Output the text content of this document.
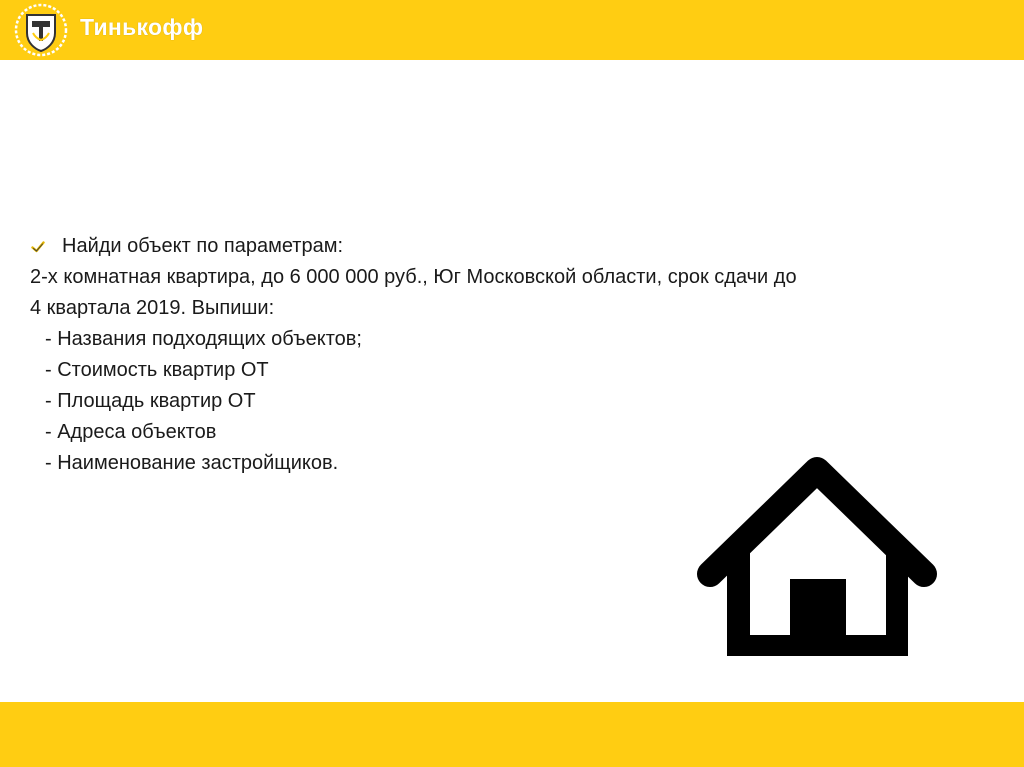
Тинькофф
Найди объект по параметрам:
2-х комнатная квартира, до 6 000 000 руб., Юг Московской области, срок сдачи до
4 квартала 2019. Выпиши:
- Названия подходящих объектов;
- Стоимость квартир ОТ
- Площадь квартир ОТ
- Адреса объектов
- Наименование застройщиков.
